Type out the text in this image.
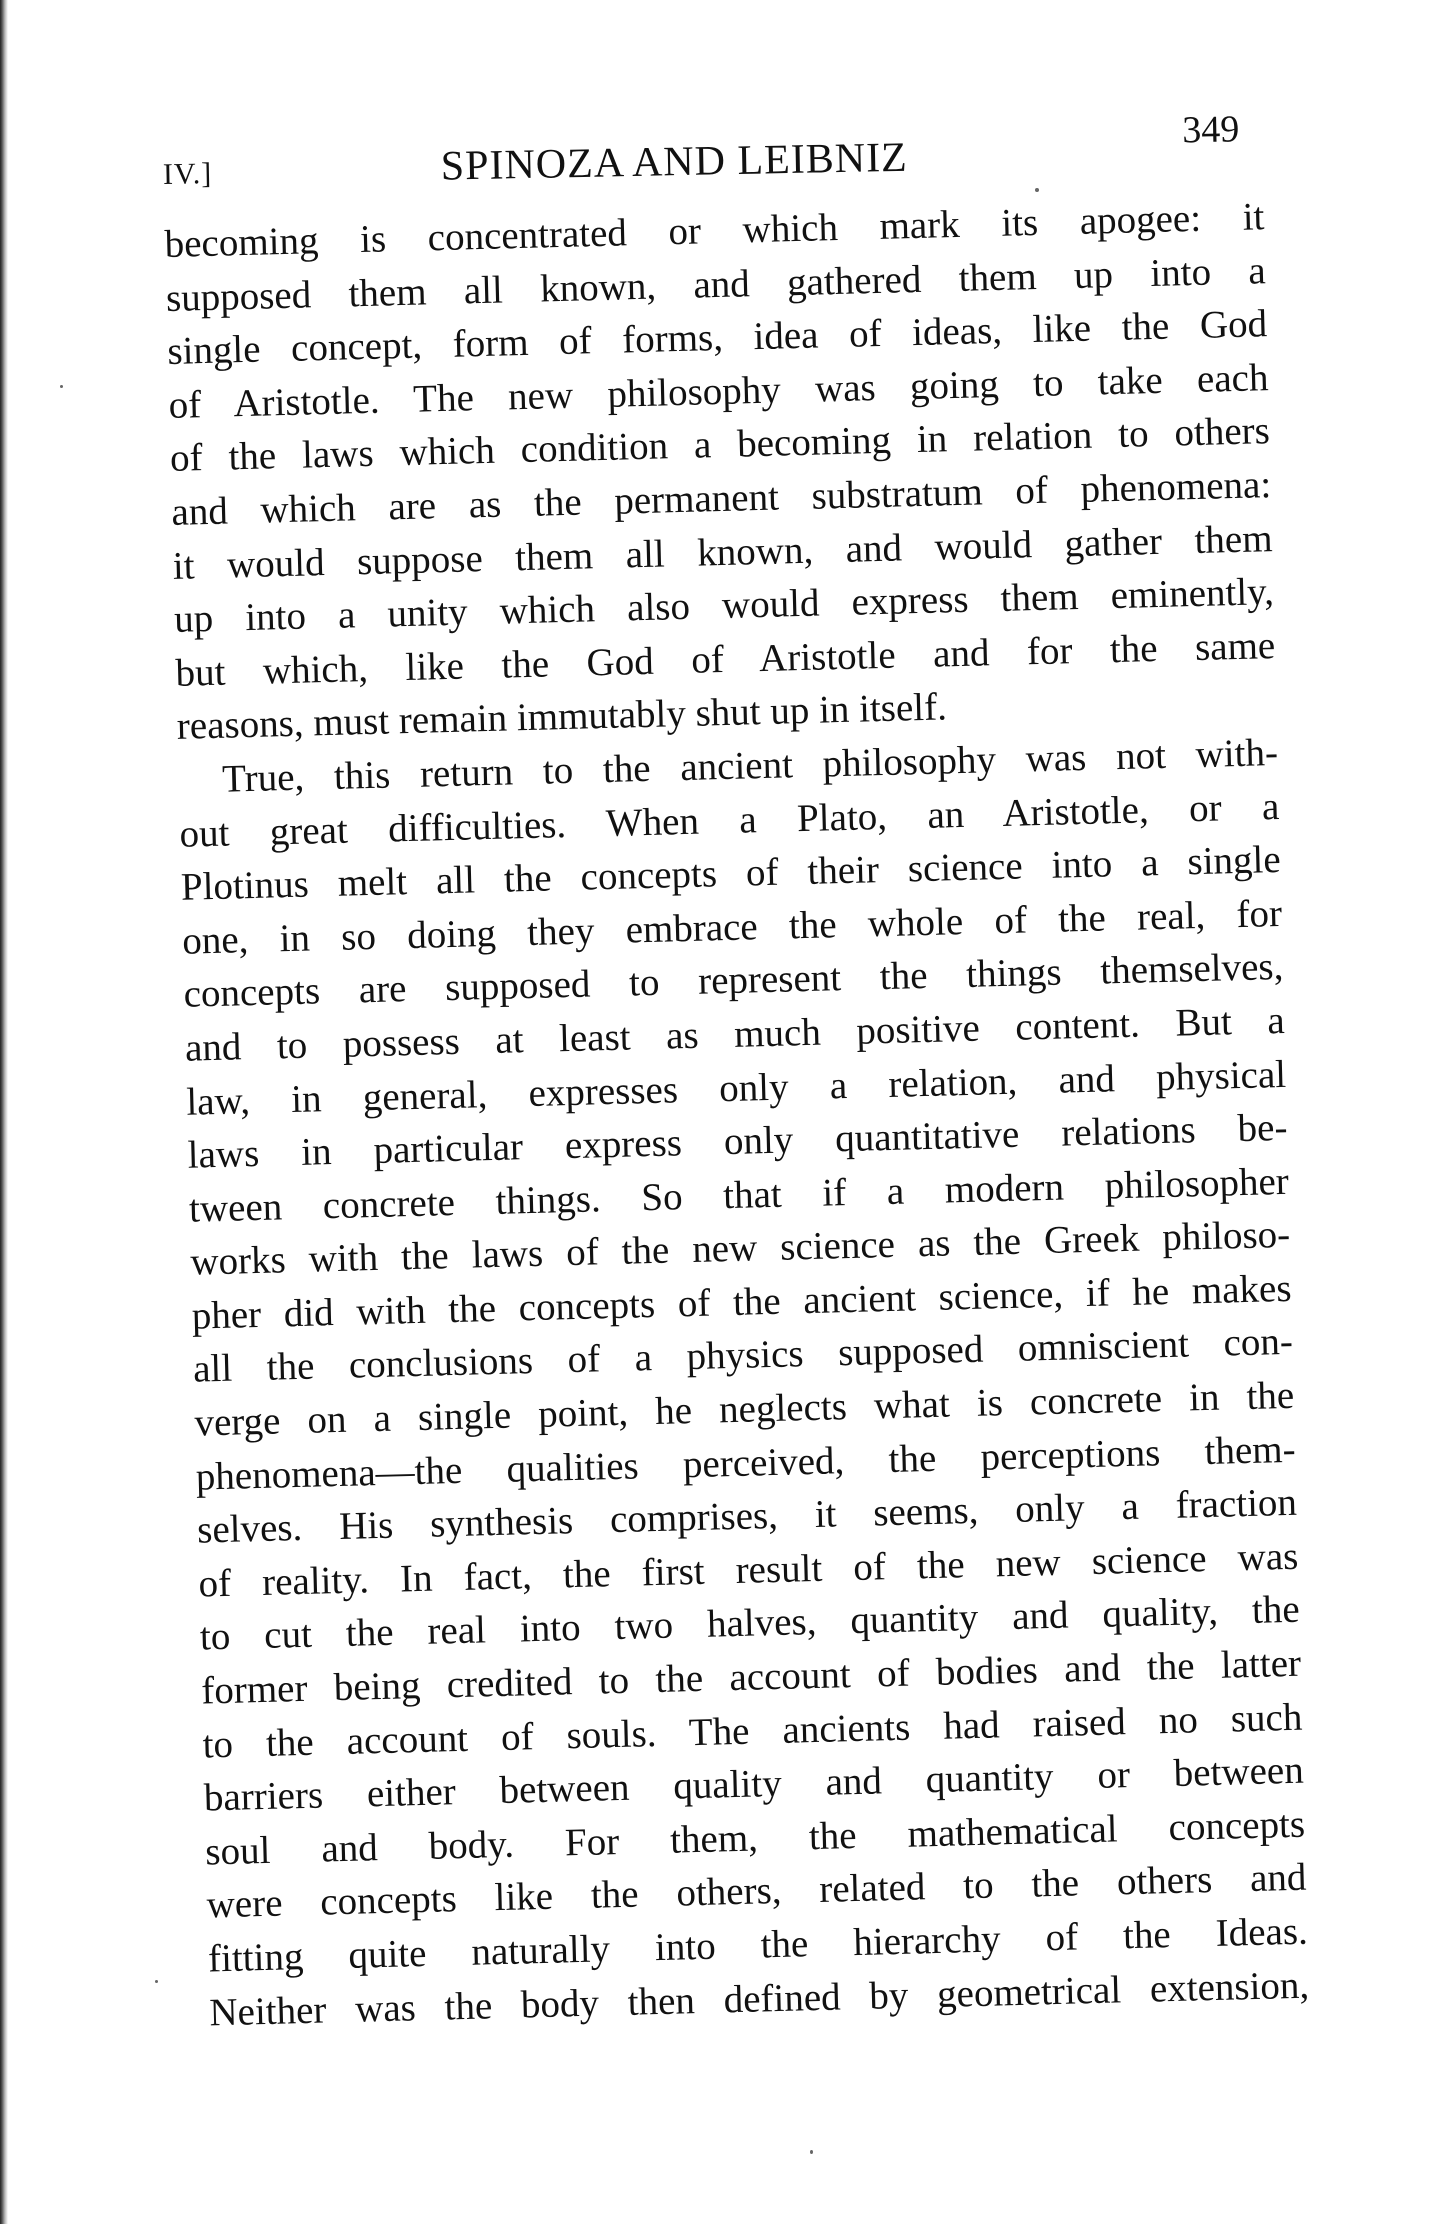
IV.]	SPINOZA AND LEIBNIZ
349
becoming is concentrated or which mark its apogee: it
supposed them all known, and gathered them up into a
single concept, form of forms, idea of ideas, like the God
of Aristotle. The new philosophy was going to take each
of the laws which condition a becoming in relation to others
and which are as the permanent substratum of phenomena:
it would suppose them all known, and would gather them
up into a unity which also would express them eminently,
but which, like the God of Aristotle and for the same
reasons, must remain immutably shut up in itself.
True, this return to the ancient philosophy was not with-
out great difficulties. When a Plato, an Aristotle, or a
Plotinus melt all the concepts of their science into a single
one, in so doing they embrace the whole of the real, for
concepts are supposed to represent the things themselves,
and to possess at least as much positive content. But a
law, in general, expresses only a relation, and physical
laws in particular express only quantitative relations be-
tween concrete things. So that if a modern philosopher
works with the laws of the new science as the Greek philoso-
pher did with the concepts of the ancient science, if he makes
all the conclusions of a physics supposed omniscient con-
verge on a single point, he neglects what is concrete in the
phenomena—the qualities perceived, the perceptions them-
selves. His synthesis comprises, it seems, only a fraction
of reality. In fact, the first result of the new science was
to cut the real into two halves, quantity and quality, the
former being credited to the account of bodies and the latter
to the account of souls. The ancients had raised no such
barriers either between quality and quantity or between
soul and body. For them, the mathematical concepts
were concepts like the others, related to the others and
fitting quite naturally into the hierarchy of the Ideas.
Neither was the body then defined by geometrical extension,
